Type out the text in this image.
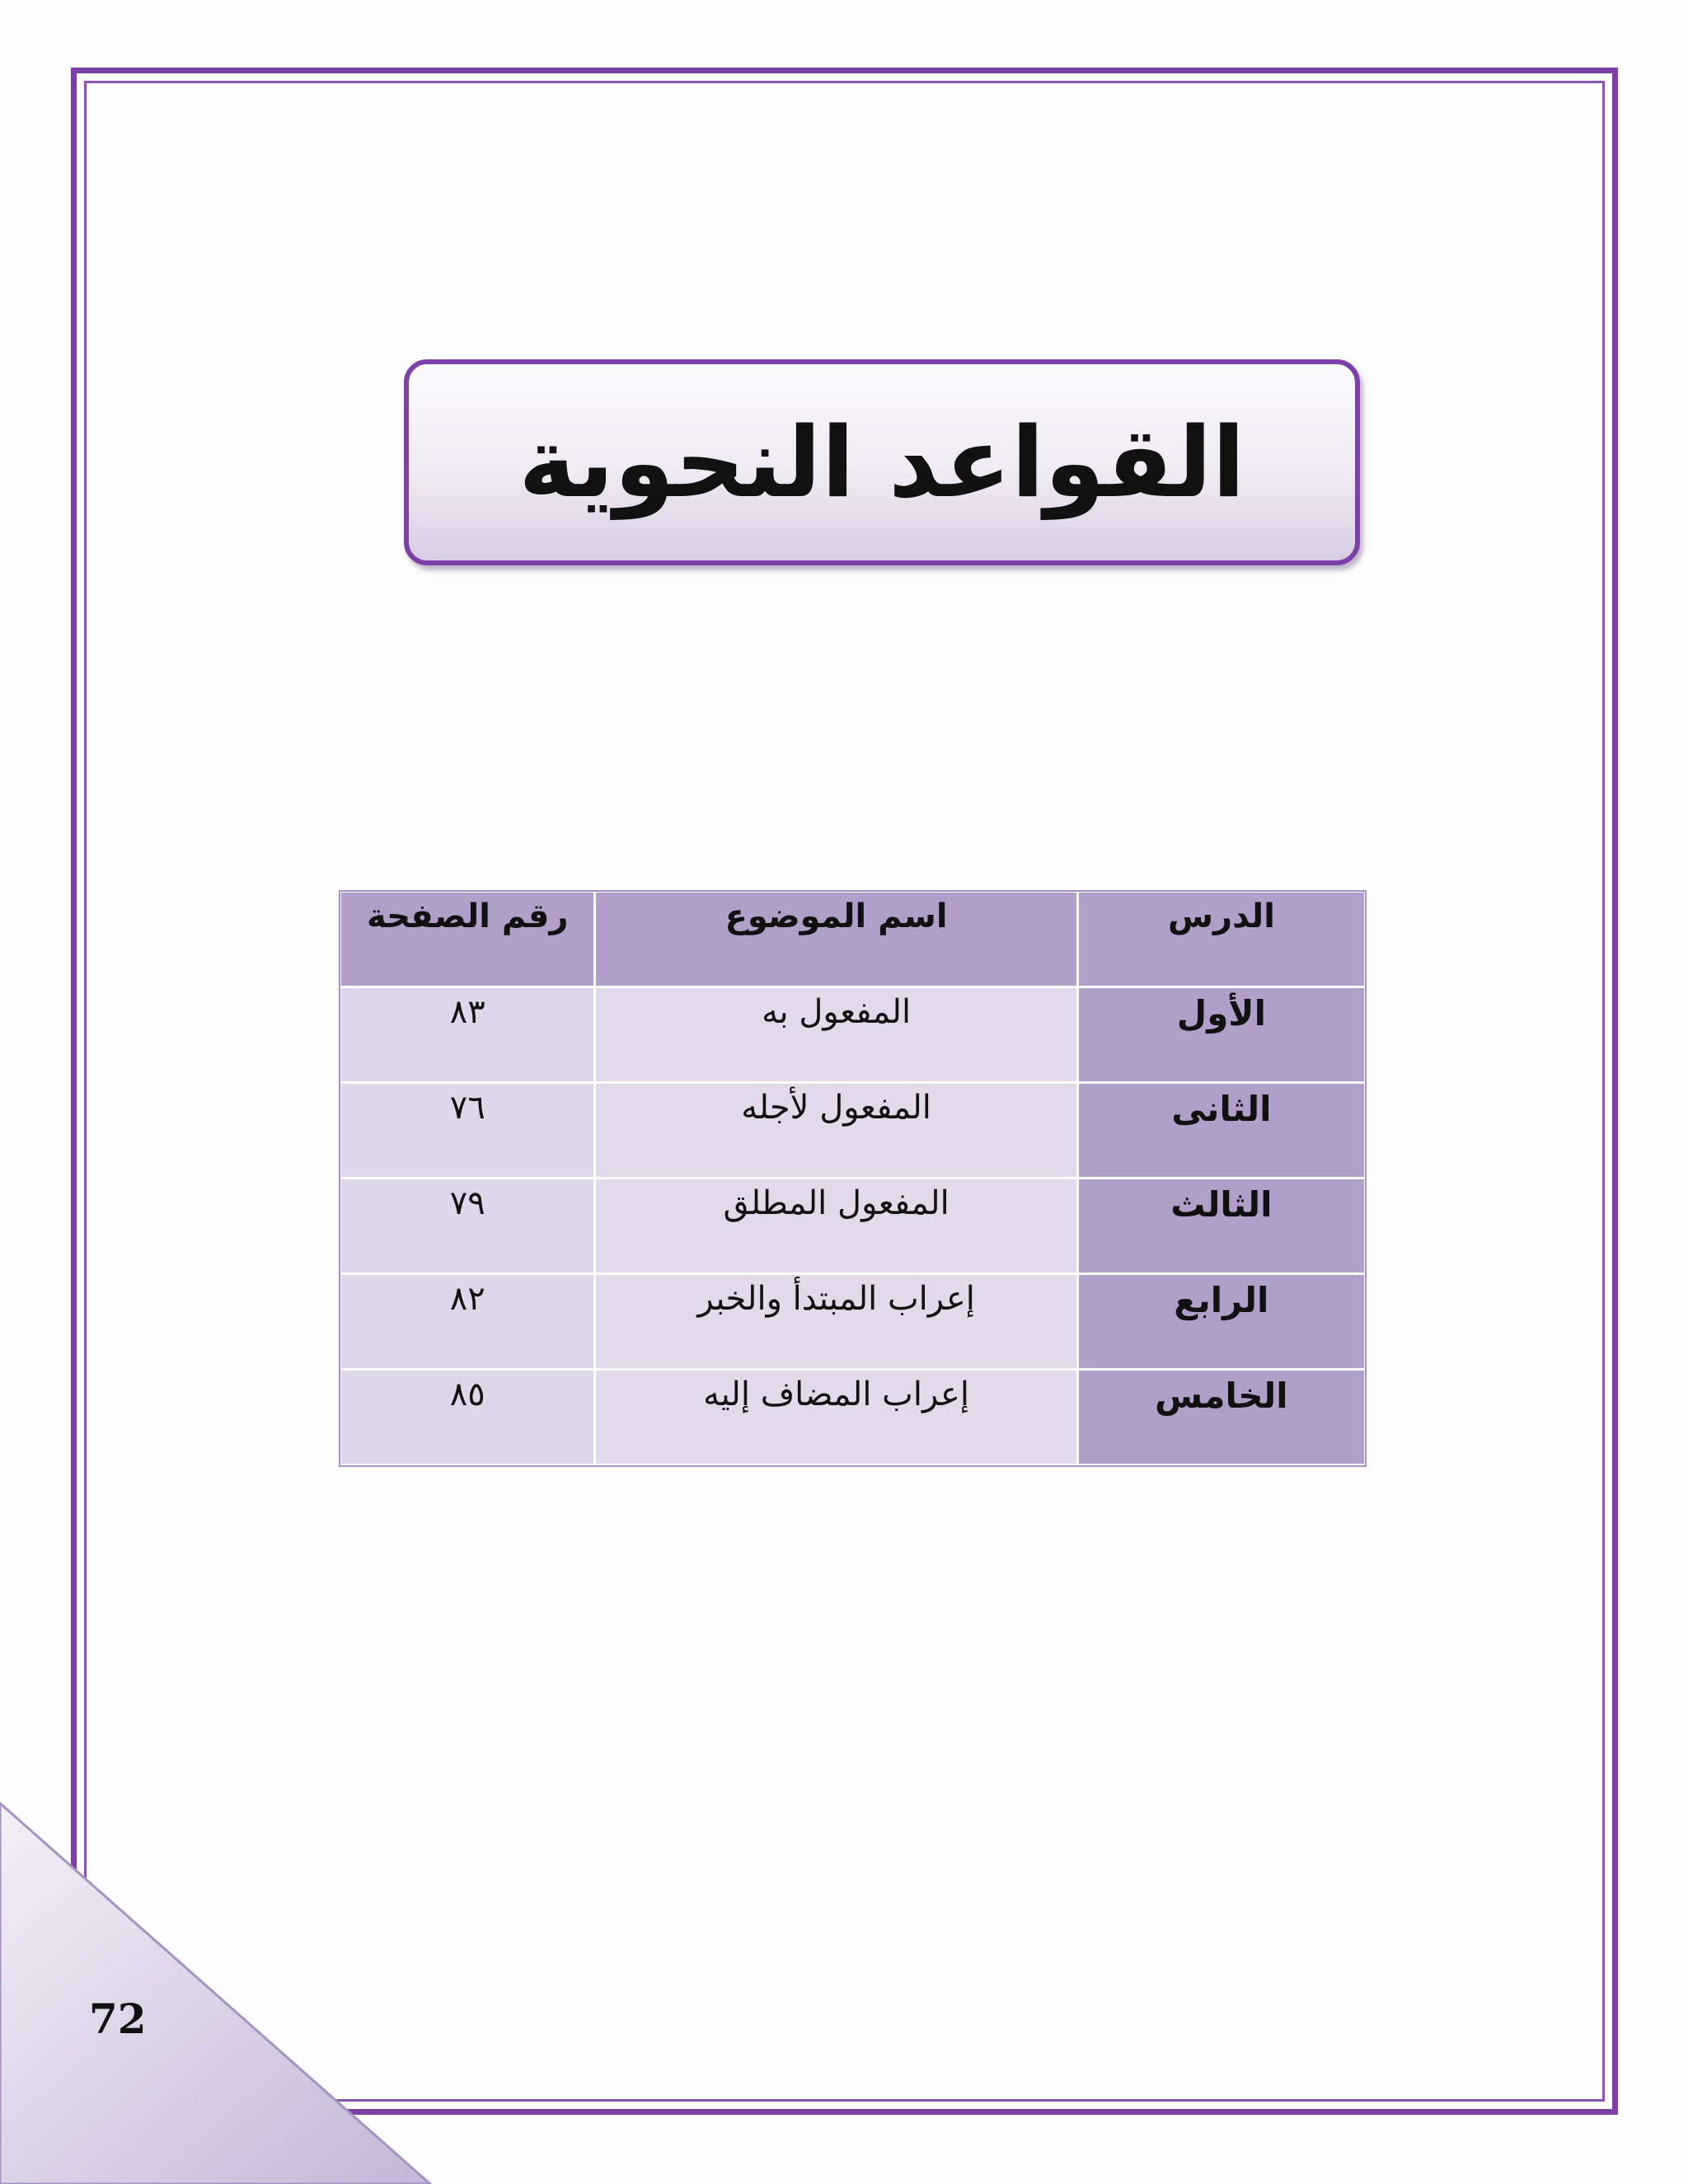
القواعد النحوية
الدرس	اسم الموضوع	رقم الصفحة
الأول	المفعول به	٨٣
الثانى	المفعول لأجله	٧٦
الثالث	المفعول المطلق	٧٩
الرابع	إعراب المبتدأ والخبر	٨٢
الخامس	إعراب المضاف إليه	٨٥
72
